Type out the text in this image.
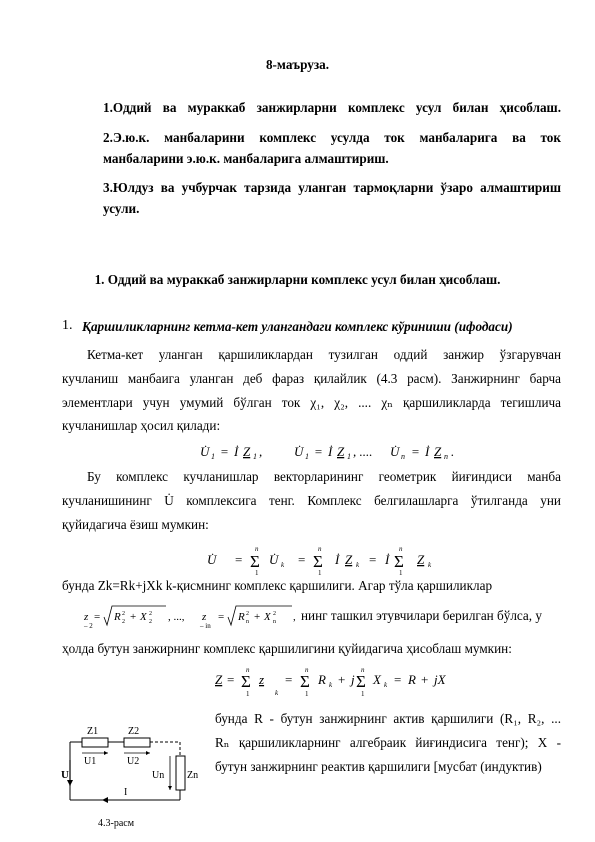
8-маъруза.
1.Оддий ва мураккаб занжирларни комплекс усул билан ҳисоблаш.
2.Э.ю.к. манбаларини комплекс усулда ток манбаларига ва ток
манбаларини э.ю.к. манбаларига алмаштириш.
3.Юлдуз ва учбурчак тарзида уланган тармоқларни ўзаро алмаштириш
усули.
1. Оддий ва мураккаб занжирларни комплекс усул билан ҳисоблаш.
1. Қаршиликларнинг кетма-кет улангандаги комплекс кўриниши (ифодаси)
Кетма-кет уланган қаршиликлардан тузилган оддий занжир ўзгарувчан
кучланиш манбаига уланган деб фараз қилайлик (4.3 расм). Занжирнинг барча
элементлари учун умумий бўлган ток χ₁, χ₂, .... χₙ қаршиликларда тегишлича
кучланишлар ҳосил қилади:
U̇ 1 = İ Z 1 , U̇ 1 = İ Z 1 , .... U̇ n = İ Z n .
Бу комплекс кучланишлар векторларининг геометрик йиғиндиси манба
кучланишининг U̇ комплексига тенг. Комплекс белгилашларга ўтилганда уни
қуйидагича ёзиш мумкин:
U̇ =
n
Σ
1
U̇ k =
n
Σ
1
İ Z k = İ
n
Σ
1
Z k
бунда Zk=Rk+jXk k-қисмнинг комплекс қаршилиги. Агар тўла қаршиликлар
z
‒ 2
= R 2
2 + X 2
2 , ..., z
‒ in
= R 2
n + X 2
n , нинг ташкил этувчилари берилган бўлса, у
ҳолда бутун занжирнинг комплекс қаршилигини қуйидагича ҳисоблаш мумкин:
Z =
n
Σ
1
z
k
=
n
Σ
1
R k + j
n
Σ
1
X k = R + jX
бунда R - бутун занжирнинг актив қаршилиги (R₁, R₂, ...
Rₙ қаршиликларнинг алгебраик йиғиндисига тенг); X -
бутун занжирнинг реактив қаршилиги [мусбат (индуктив)
Z1	Z2
U1	U2
U	Un Zn
I
4.3-расм
